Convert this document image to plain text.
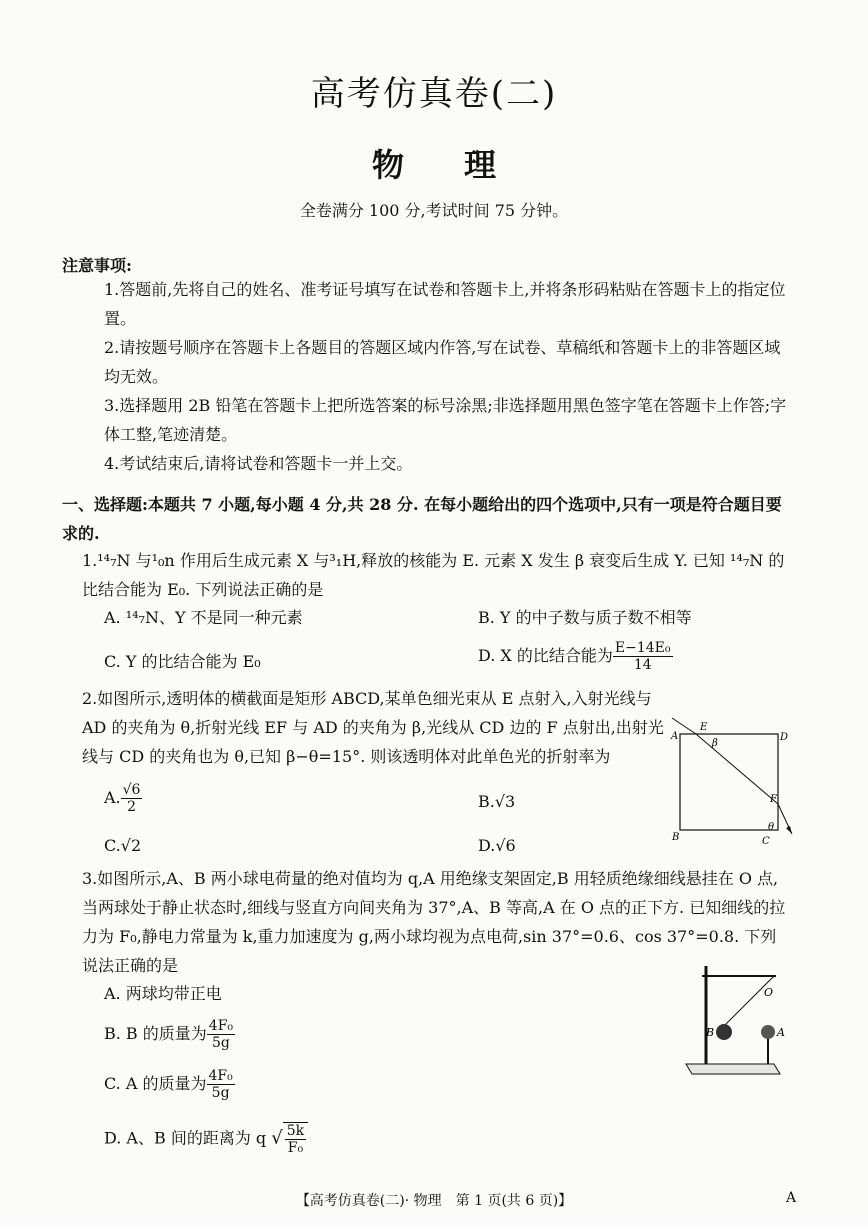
高考仿真卷(二)
物理
全卷满分 100 分,考试时间 75 分钟。
注意事项:

1.答题前,先将自己的姓名、准考证号填写在试卷和答题卡上,并将条形码粘贴在答题卡上的指定位置。

2.请按题号顺序在答题卡上各题目的答题区域内作答,写在试卷、草稿纸和答题卡上的非答题区域均无效。

3.选择题用 2B 铅笔在答题卡上把所选答案的标号涂黑;非选择题用黑色签字笔在答题卡上作答;字体工整,笔迹清楚。

4.考试结束后,请将试卷和答题卡一并上交。

一、选择题:本题共 7 小题,每小题 4 分,共 28 分. 在每小题给出的四个选项中,只有一项是符合题目要求的.
1.¹⁴₇N 与¹₀n 作用后生成元素 X 与³₁H,释放的核能为 E. 元素 X 发生 β 衰变后生成 Y. 已知 ¹⁴₇N 的比结合能为 E₀. 下列说法正确的是
A. ¹⁴₇N、Y 不是同一种元素	B. Y 的中子数与质子数不相等
C. Y 的比结合能为 E₀	D. X 的比结合能为 $\frac{\text{E−14E₀}}{14}$
2.如图所示,透明体的横截面是矩形 ABCD,某单色细光束从 E 点射入,入射光线与 AD 的夹角为 θ,折射光线 EF 与 AD 的夹角为 β,光线从 CD 边的 F 点射出,出射光线与 CD 的夹角也为 θ,已知 β−θ=15°. 则该透明体对此单色光的折射率为
A. $\frac{√6}{2}$	B.√3
C.√2	D.√6
A
E
D
B	C
F
β
θ
3.如图所示,A、B 两小球电荷量的绝对值均为 q,A 用绝缘支架固定,B 用轻质绝缘细线悬挂在 O 点,当两球处于静止状态时,细线与竖直方向间夹角为 37°,A、B 等高,A 在 O 点的正下方. 已知细线的拉力为 F₀,静电力常量为 k,重力加速度为 g,两小球均视为点电荷,sin 37°=0.6、cos 37°=0.8. 下列说法正确的是
A. 两球均带正电
B. B 的质量为 $\frac{\text{4F₀}}{5g}$
C. A 的质量为 $\frac{\text{4F₀}}{5g}$
D. A、B 间的距离为 q √ $\frac{5k}{\text{F₀}}$
O
B	A
【高考仿真卷(二)· 物理　第 1 页(共 6 页)】	A
